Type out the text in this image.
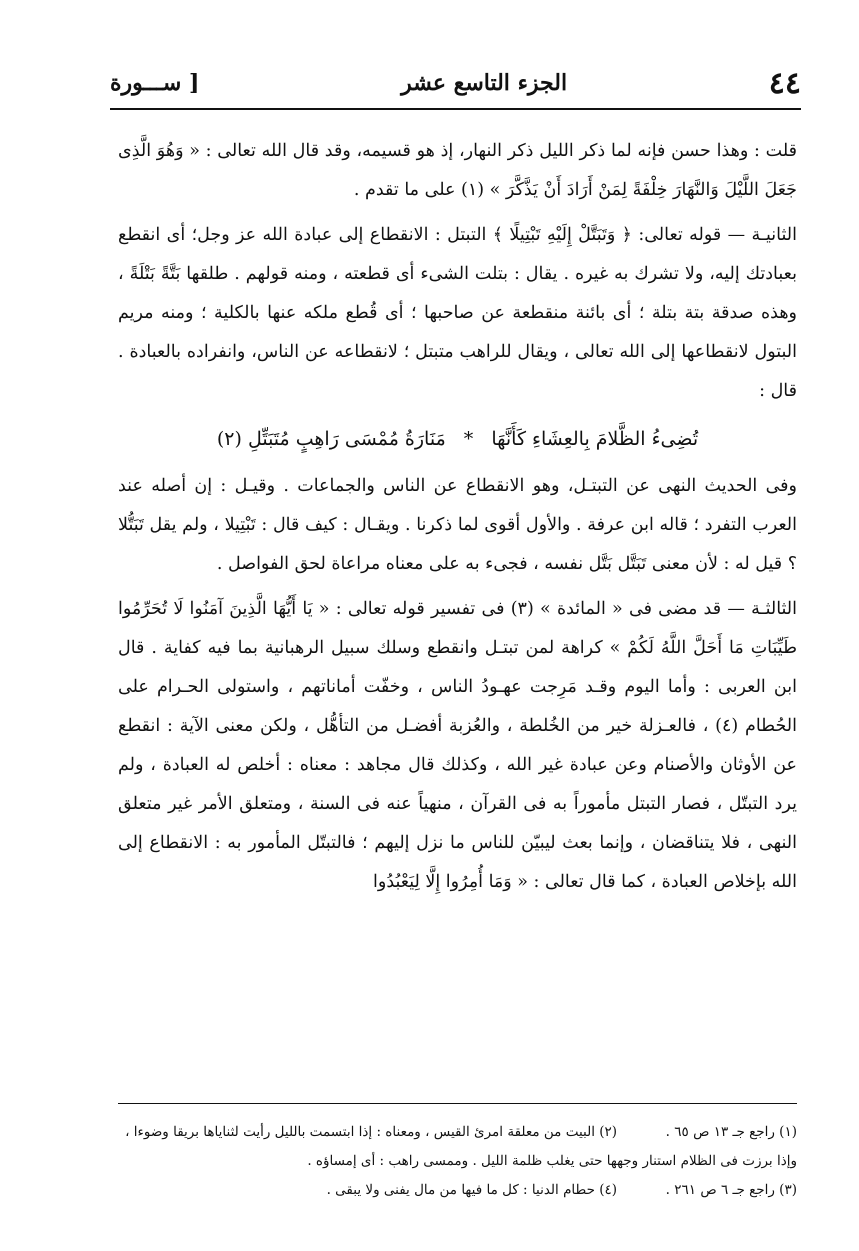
٤٤
الجزء التاسع عشر
[ ســـورة

قلت : وهذا حسن فإنه لما ذكر الليل ذكر النهار، إذ هو قسيمه، وقد قال الله تعالى : « وَهُوَ الَّذِى جَعَلَ اللَّيْلَ وَالنَّهَارَ خِلْفَةً لِمَنْ أَرَادَ أَنْ يَذَّكَّرَ » (١) على ما تقدم .

الثانيـة — قوله تعالى: ﴿ وَتَبَتَّلْ إِلَيْهِ تَبْتِيلًا ﴾ التبتل : الانقطاع إلى عبادة الله عز وجل؛ أى انقطع بعبادتك إليه، ولا تشرك به غيره . يقال : بتلت الشىء أى قطعته ، ومنه قولهم . طلقها بَتَّةً بَتْلَةً ، وهذه صدقة بتة بتلة ؛ أى بائنة منقطعة عن صاحبها ؛ أى قُطع ملكه عنها بالكلية ؛ ومنه مريم البتول لانقطاعها إلى الله تعالى ، ويقال للراهب متبتل ؛ لانقطاعه عن الناس، وانفراده بالعبادة . قال :

تُضِىءُ الظَّلامَ بِالعِشَاءِ كَأَنَّهَا * مَنَارَةُ مُمْسَى رَاهِبٍ مُتَبَتِّلِ (٢)

وفى الحديث النهى عن التبتـل، وهو الانقطاع عن الناس والجماعات . وقيـل : إن أصله عند العرب التفرد ؛ قاله ابن عرفة . والأول أقوى لما ذكرنا . ويقـال : كيف قال : تَبْتِيلا ، ولم يقل تَبَتُّلا ؟ قيل له : لأن معنى تَبَتَّل بَتَّل نفسه ، فجىء به على معناه مراعاة لحق الفواصل .

الثالثـة — قد مضى فى « المائدة » (٣) فى تفسير قوله تعالى : « يَا أَيُّهَا الَّذِينَ آمَنُوا لَا تُحَرِّمُوا طَيِّبَاتِ مَا أَحَلَّ اللَّهُ لَكُمْ » كراهة لمن تبتـل وانقطع وسلك سبيل الرهبانية بما فيه كفاية . قال ابن العربى : وأما اليوم وقـد مَرِجت عهـودُ الناس ، وخفّت أماناتهم ، واستولى الحـرام على الحُطام (٤) ، فالعـزلة خير من الخُلطة ، والعُزبة أفضـل من التأهُّل ، ولكن معنى الآية : انقطع عن الأوثان والأصنام وعن عبادة غير الله ، وكذلك قال مجاهد : معناه : أخلص له العبادة ، ولم يرد التبتّل ، فصار التبتل مأموراً به فى القرآن ، منهياً عنه فى السنة ، ومتعلق الأمر غير متعلق النهى ، فلا يتناقضان ، وإنما بعث ليبيّن للناس ما نزل إليهم ؛ فالتبتّل المأمور به : الانقطاع إلى الله بإخلاص العبادة ، كما قال تعالى : « وَمَا أُمِرُوا إِلَّا لِيَعْبُدُوا

(١) راجع جـ ١٣ ص ٦٥ .  (٢) البيت من معلقة امرئ القيس ، ومعناه : إذا ابتسمت بالليل رأيت لثناياها بريقا وضوءا ، وإذا برزت فى الظلام استنار وجهها حتى يغلب ظلمة الليل . وممسى راهب : أى إمساؤه .
(٣) راجع جـ ٦ ص ٢٦١ .  (٤) حطام الدنيا : كل ما فيها من مال يفنى ولا يبقى .
